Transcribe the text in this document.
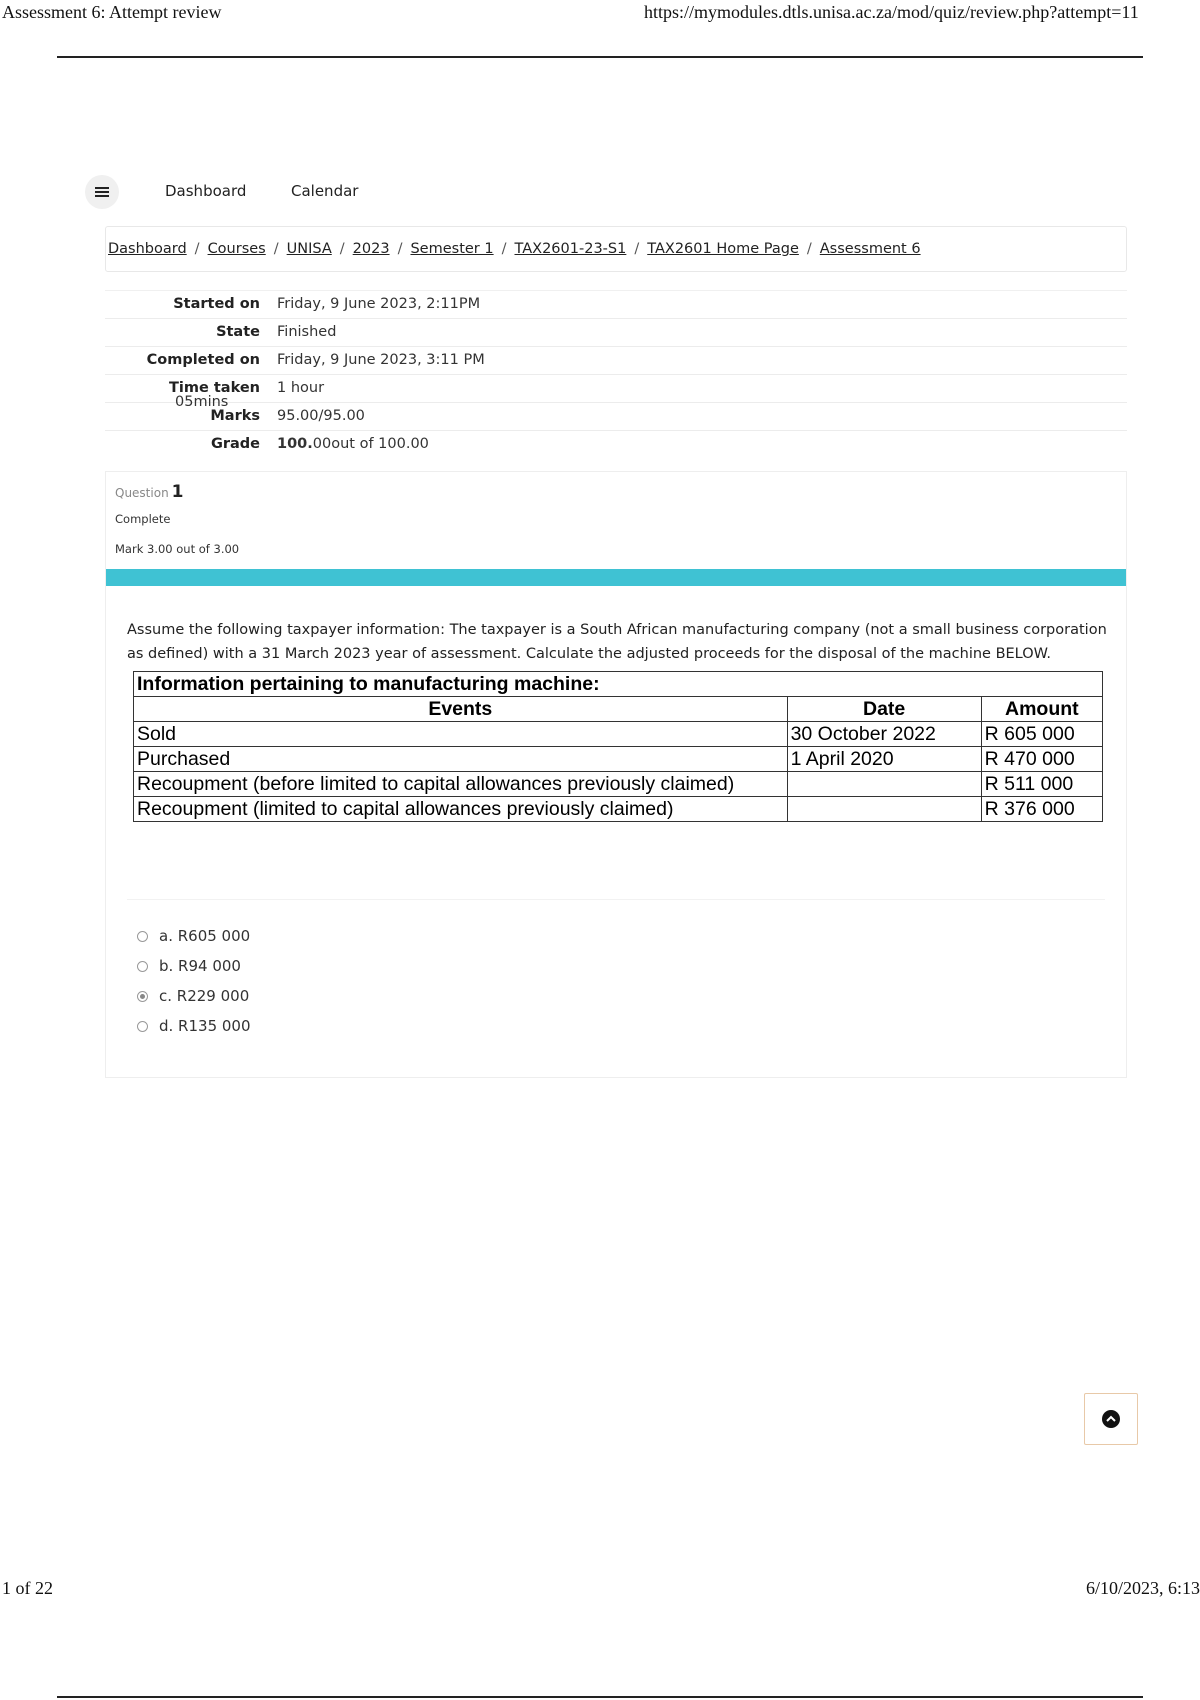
Assessment 6: Attempt review	https://mymodules.dtls.unisa.ac.za/mod/quiz/review.php?attempt=11
Dashboard	Calendar
Dashboard / Courses / UNISA / 2023 / Semester 1 / TAX2601-23-S1 / TAX2601 Home Page / Assessment 6
Started on Friday, 9 June 2023, 2:11PM
State Finished
Completed on Friday, 9 June 2023, 3:11 PM
Time taken 1 hour
05mins
Marks 95.00/95.00
Grade 100.00out of 100.00
Question 1
Complete
Mark 3.00 out of 3.00
Assume the following taxpayer information: The taxpayer is a South African manufacturing company (not a small business corporation as defined) with a 31 March 2023 year of assessment. Calculate the adjusted proceeds for the disposal of the machine BELOW.
Information pertaining to manufacturing machine:		
Events	Date	Amount
Sold	30 October 2022	R 605 000
Purchased	1 April 2020	R 470 000
Recoupment (before limited to capital allowances previously claimed)		R 511 000
Recoupment (limited to capital allowances previously claimed)		R 376 000
a. R605 000
b. R94 000
c. R229 000
d. R135 000
1 of 22	6/10/2023, 6:13
